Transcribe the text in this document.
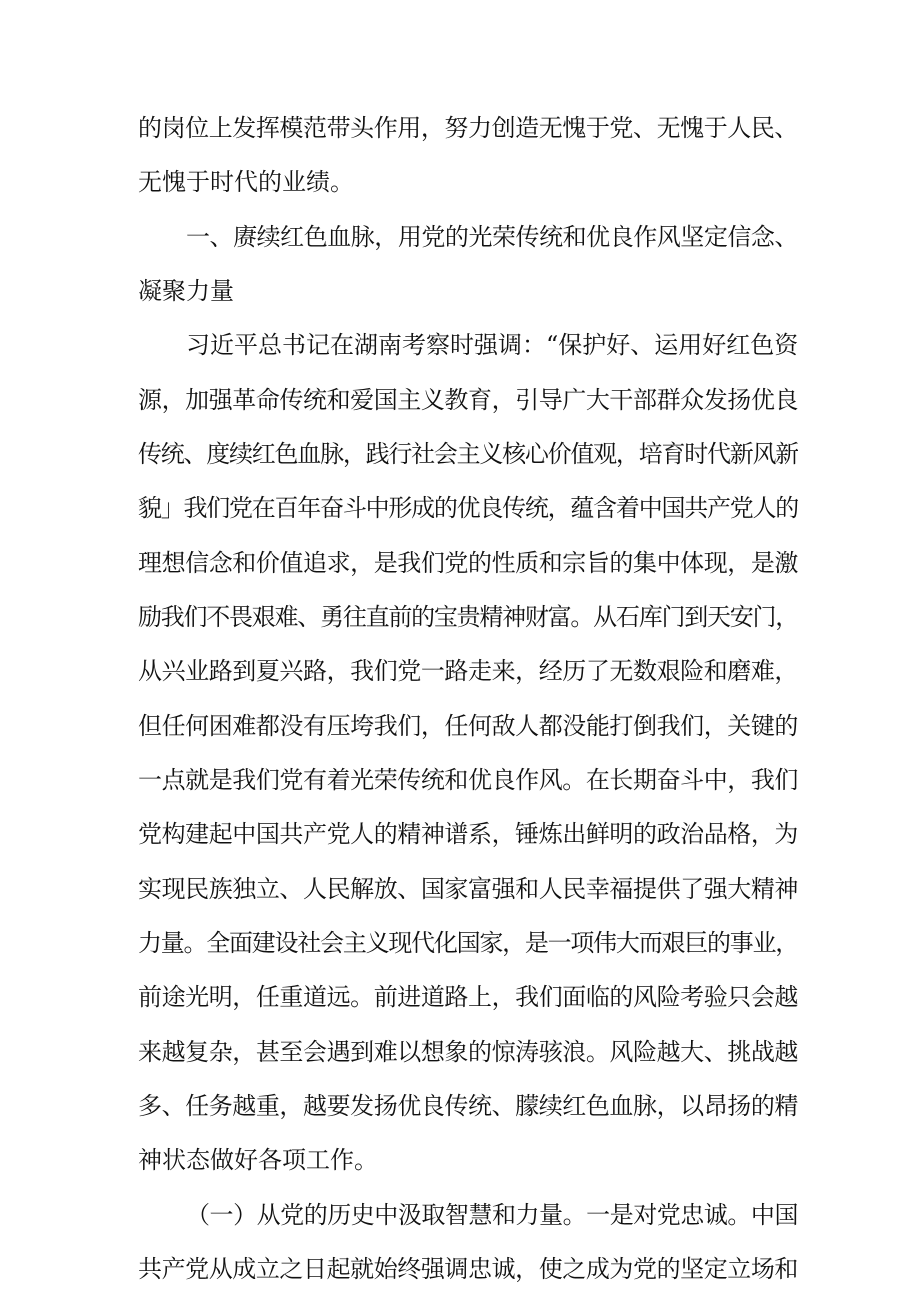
的岗位上发挥模范带头作用，努力创造无愧于党、无愧于人民、
无愧于时代的业绩。
一、赓续红色血脉，用党的光荣传统和优良作风坚定信念、
凝聚力量
习近平总书记在湖南考察时强调：“保护好、运用好红色资
源，加强革命传统和爱国主义教育，引导广大干部群众发扬优良
传统、度续红色血脉，践行社会主义核心价值观，培育时代新风新
貌」我们党在百年奋斗中形成的优良传统，蕴含着中国共产党人的
理想信念和价值追求，是我们党的性质和宗旨的集中体现，是激
励我们不畏艰难、勇往直前的宝贵精神财富。从石库门到天安门，
从兴业路到夏兴路，我们党一路走来，经历了无数艰险和磨难，
但任何困难都没有压垮我们，任何敌人都没能打倒我们，关键的
一点就是我们党有着光荣传统和优良作风。在长期奋斗中，我们
党构建起中国共产党人的精神谱系，锤炼出鲜明的政治品格，为
实现民族独立、人民解放、国家富强和人民幸福提供了强大精神
力量。全面建设社会主义现代化国家，是一项伟大而艰巨的事业，
前途光明，任重道远。前进道路上，我们面临的风险考验只会越
来越复杂，甚至会遇到难以想象的惊涛骇浪。风险越大、挑战越
多、任务越重，越要发扬优良传统、朦续红色血脉，以昂扬的精
神状态做好各项工作。
（一）从党的历史中汲取智慧和力量。一是对党忠诚。中国
共产党从成立之日起就始终强调忠诚，使之成为党的坚定立场和
